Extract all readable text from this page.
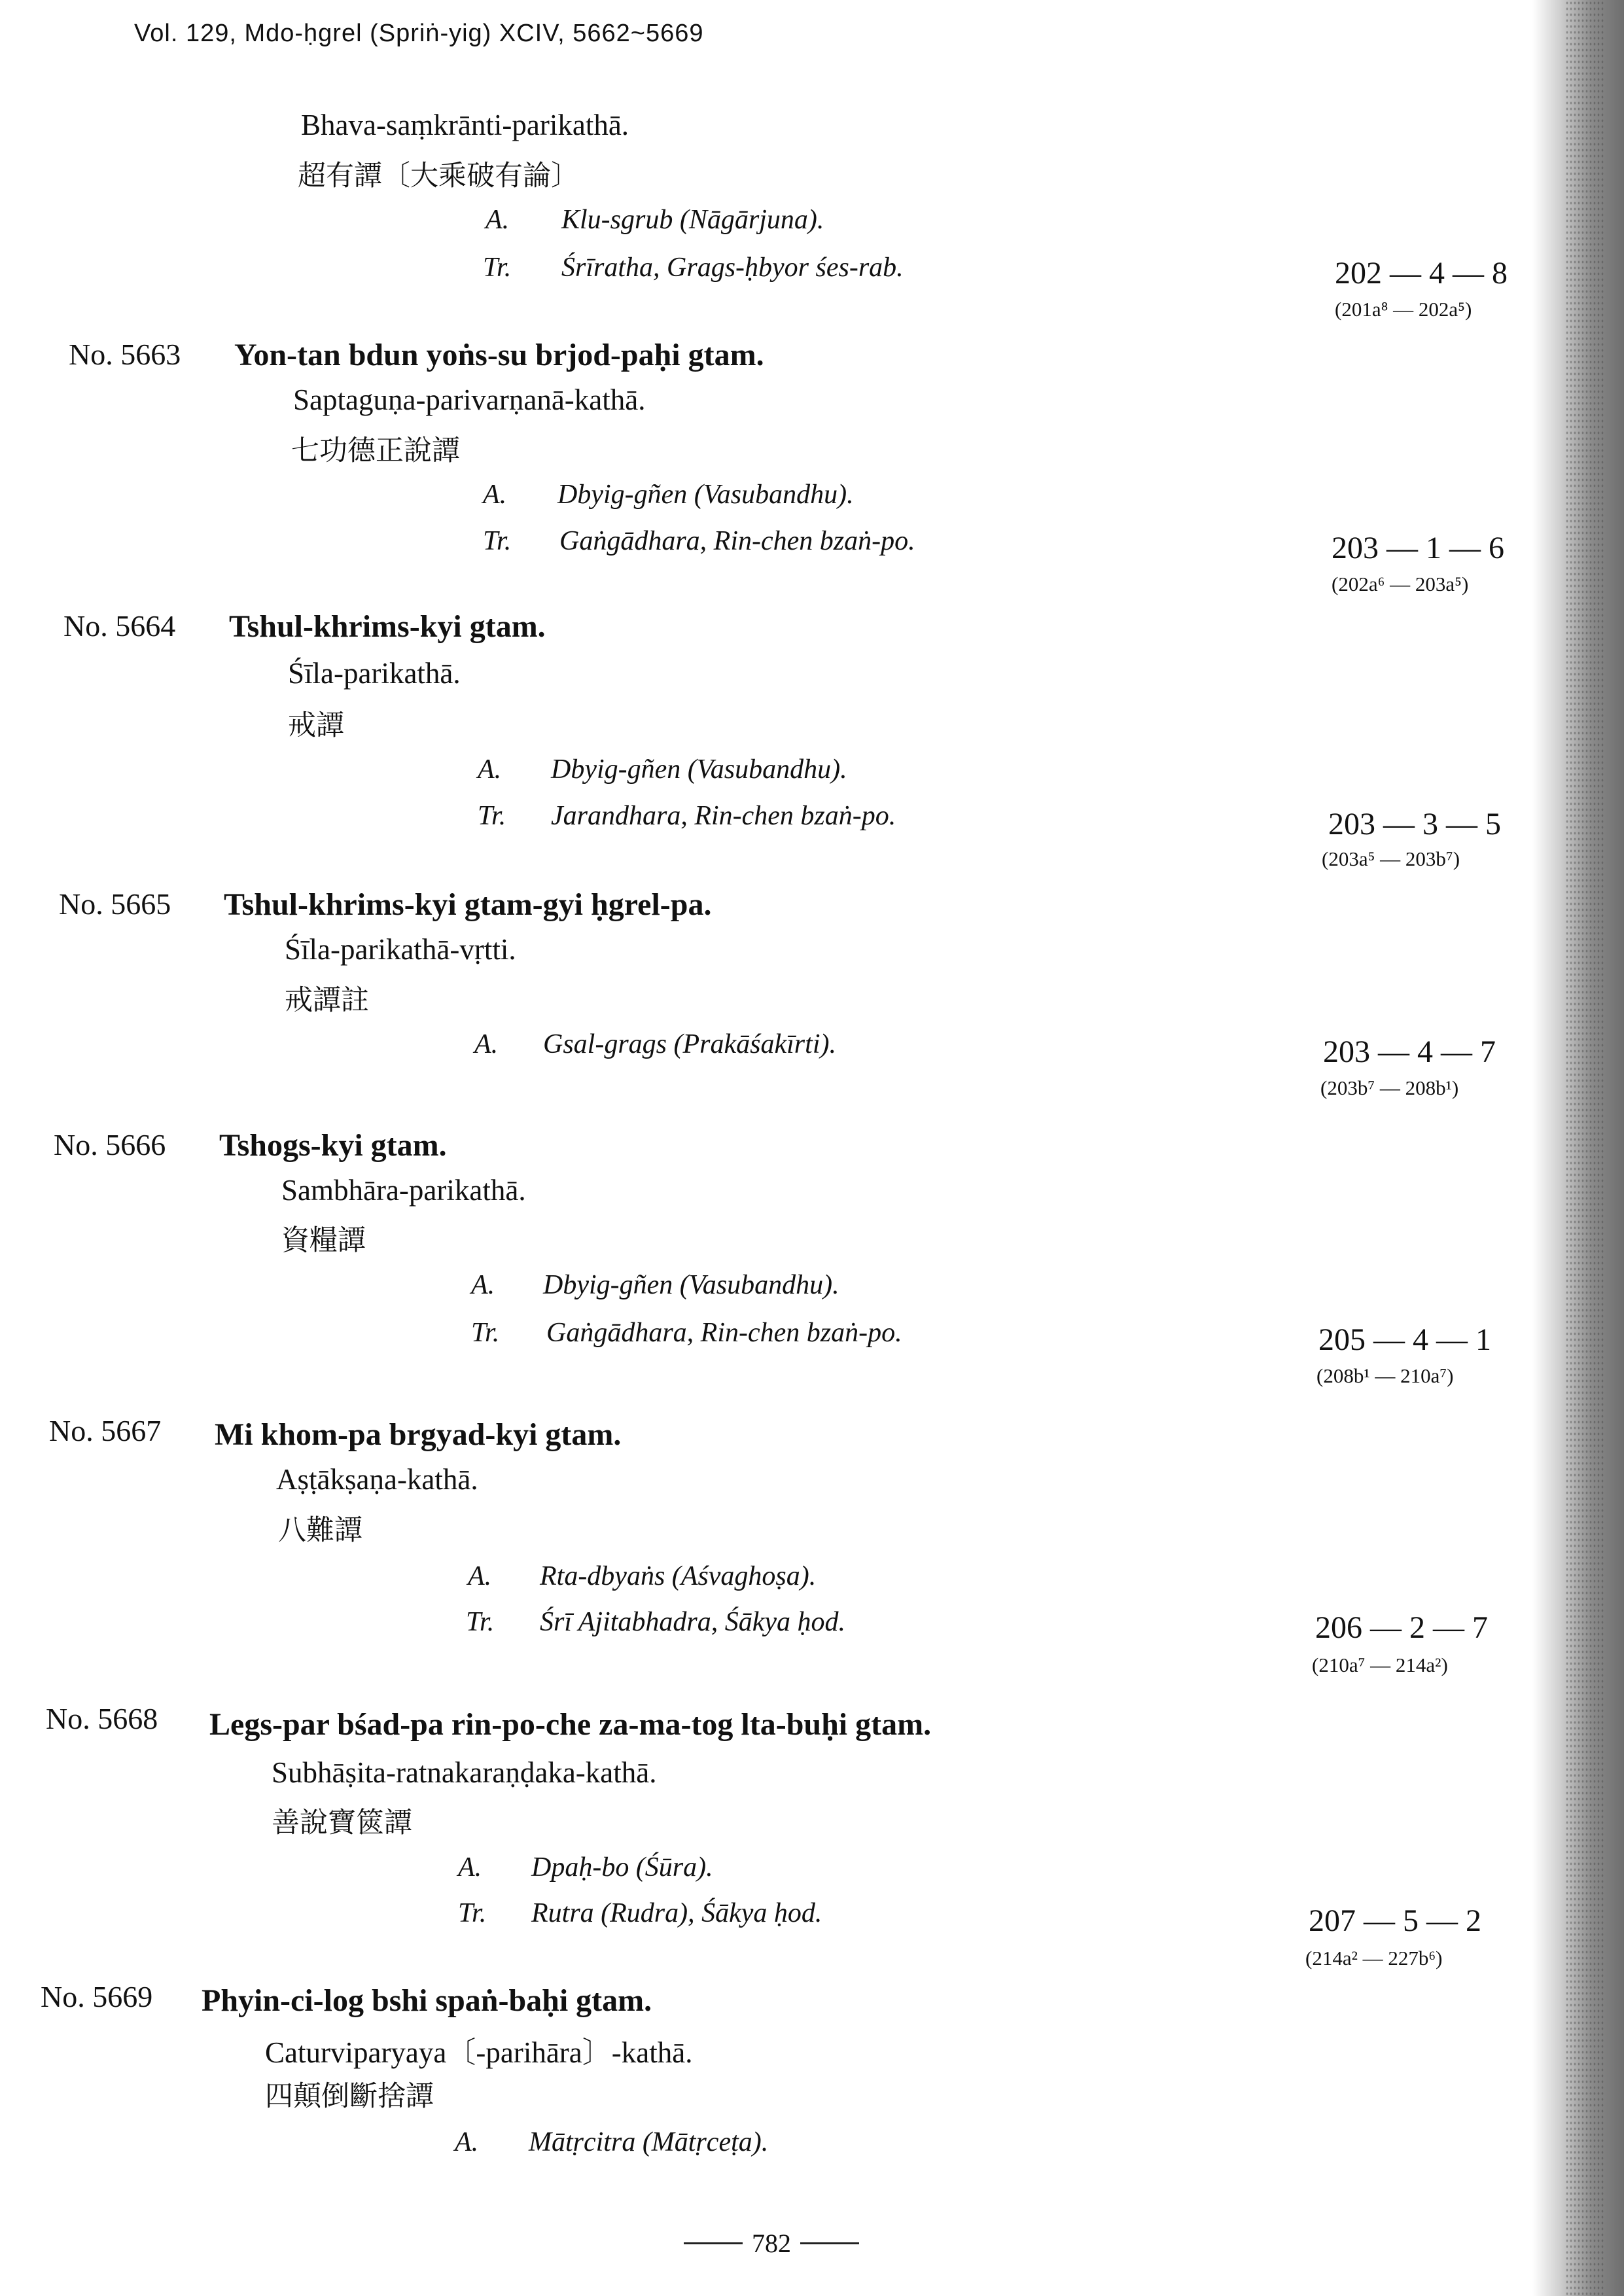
Vol. 129, Mdo-ḥgrel (Spriṅ-yig) XCIV, 5662~5669
Bhava-saṃkrānti-parikathā.
超有譚〔大乘破有論〕
A. Klu-sgrub (Nāgārjuna).
Tr. Śrīratha, Grags-ḥbyor śes-rab.	202 — 4 — 8
(201a⁸ — 202a⁵)
No. 5663 Yon-tan bdun yoṅs-su brjod-paḥi gtam.
Saptaguṇa-parivarṇanā-kathā.
七功德正說譚
A. Dbyig-gñen (Vasubandhu).
Tr. Gaṅgādhara, Rin-chen bzaṅ-po.	203 — 1 — 6
(202a⁶ — 203a⁵)
No. 5664 Tshul-khrims-kyi gtam.
Śīla-parikathā.
戒譚
A. Dbyig-gñen (Vasubandhu).
Tr. Jarandhara, Rin-chen bzaṅ-po.	203 — 3 — 5
(203a⁵ — 203b⁷)
No. 5665 Tshul-khrims-kyi gtam-gyi ḥgrel-pa.
Śīla-parikathā-vṛtti.
戒譚註
A. Gsal-grags (Prakāśakīrti).	203 — 4 — 7
(203b⁷ — 208b¹)
No. 5666 Tshogs-kyi gtam.
Sambhāra-parikathā.
資糧譚
A. Dbyig-gñen (Vasubandhu).
Tr. Gaṅgādhara, Rin-chen bzaṅ-po.	205 — 4 — 1
(208b¹ — 210a⁷)
No. 5667 Mi khom-pa brgyad-kyi gtam.
Aṣṭākṣaṇa-kathā.
八難譚
A. Rta-dbyaṅs (Aśvaghoṣa).
Tr. Śrī Ajitabhadra, Śākya ḥod.	206 — 2 — 7
(210a⁷ — 214a²)
No. 5668 Legs-par bśad-pa rin-po-che za-ma-tog lta-buḥi gtam.
Subhāṣita-ratnakaraṇḍaka-kathā.
善說寶篋譚
A. Dpaḥ-bo (Śūra).
Tr. Rutra (Rudra), Śākya ḥod.	207 — 5 — 2
(214a² — 227b⁶)
No. 5669 Phyin-ci-log bshi spaṅ-baḥi gtam.
Caturviparyaya〔-parihāra〕-kathā.
四顛倒斷捨譚
A. Mātṛcitra (Mātṛceṭa).
782
